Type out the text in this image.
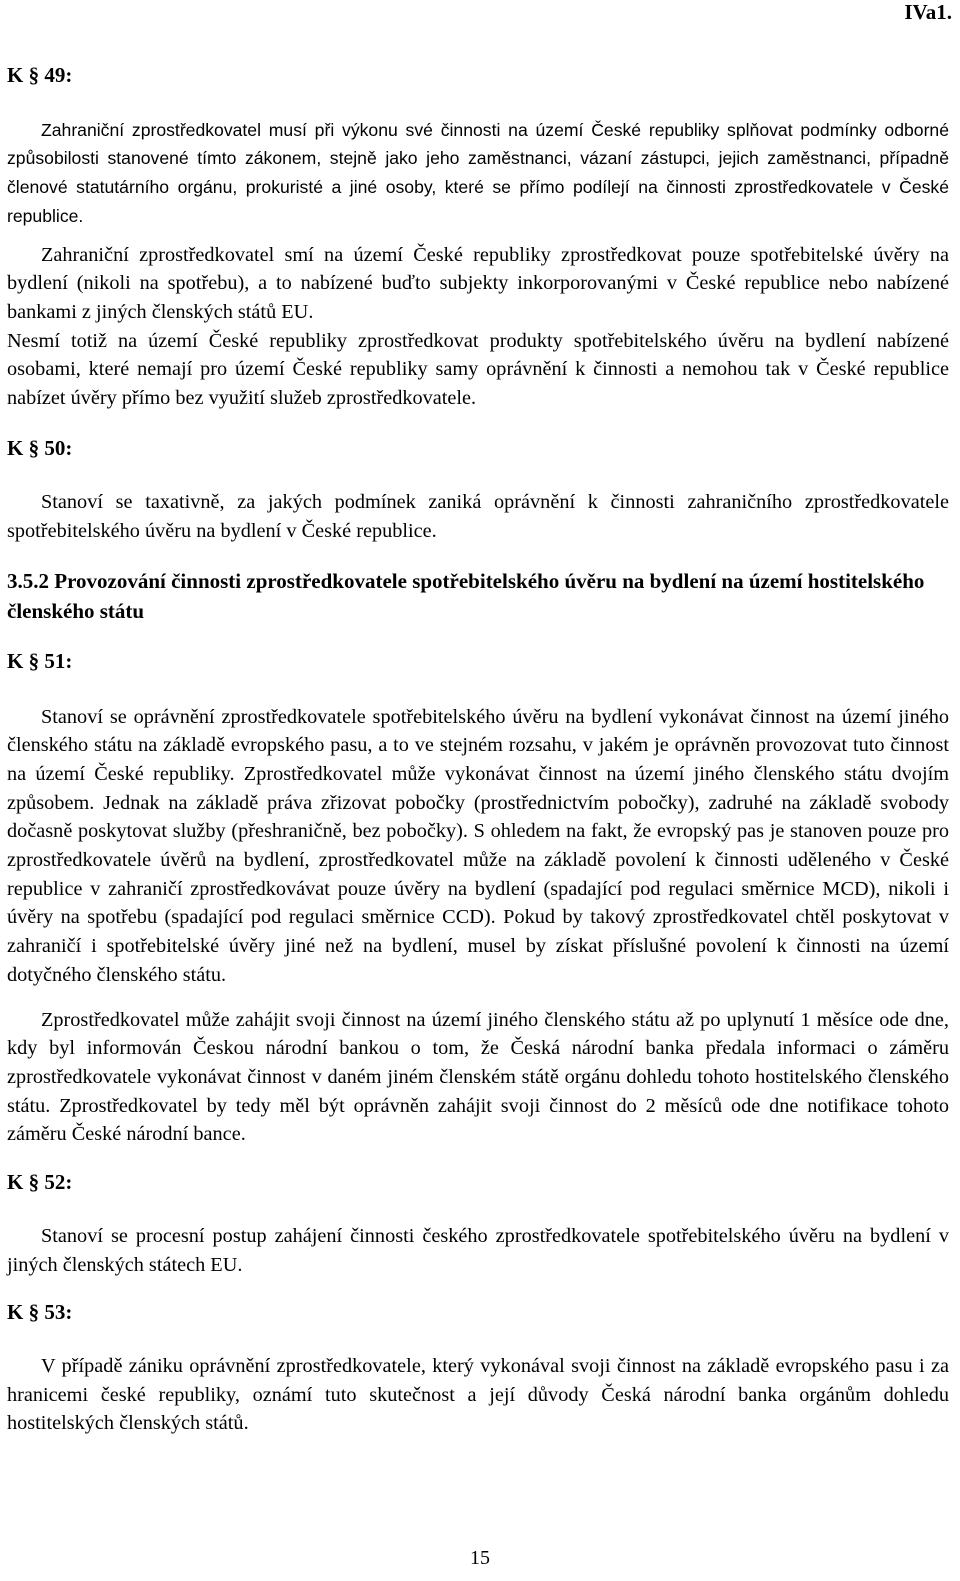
IVa1.
K § 49:

Zahraniční zprostředkovatel musí při výkonu své činnosti na území České republiky splňovat podmínky odborné způsobilosti stanovené tímto zákonem, stejně jako jeho zaměstnanci, vázaní zástupci, jejich zaměstnanci, případně členové statutárního orgánu, prokuristé a jiné osoby, které se přímo podílejí na činnosti zprostředkovatele v České republice.

Zahraniční zprostředkovatel smí na území České republiky zprostředkovat pouze spotřebitelské úvěry na bydlení (nikoli na spotřebu), a to nabízené buďto subjekty inkorporovanými v České republice nebo nabízené bankami z jiných členských států EU.

Nesmí totiž na území České republiky zprostředkovat produkty spotřebitelského úvěru na bydlení nabízené osobami, které nemají pro území České republiky samy oprávnění k činnosti a nemohou tak v České republice nabízet úvěry přímo bez využití služeb zprostředkovatele.

K § 50:

Stanoví se taxativně, za jakých podmínek zaniká oprávnění k činnosti zahraničního zprostředkovatele spotřebitelského úvěru na bydlení v České republice.

3.5.2 Provozování činnosti zprostředkovatele spotřebitelského úvěru na bydlení na území hostitelského členského státu
K § 51:

Stanoví se oprávnění zprostředkovatele spotřebitelského úvěru na bydlení vykonávat činnost na území jiného členského státu na základě evropského pasu, a to ve stejném rozsahu, v jakém je oprávněn provozovat tuto činnost na území České republiky. Zprostředkovatel může vykonávat činnost na území jiného členského státu dvojím způsobem. Jednak na základě práva zřizovat pobočky (prostřednictvím pobočky), zadruhé na základě svobody dočasně poskytovat služby (přeshraničně, bez pobočky). S ohledem na fakt, že evropský pas je stanoven pouze pro zprostředkovatele úvěrů na bydlení, zprostředkovatel může na základě povolení k činnosti uděleného v České republice v zahraničí zprostředkovávat pouze úvěry na bydlení (spadající pod regulaci směrnice MCD), nikoli i úvěry na spotřebu (spadající pod regulaci směrnice CCD). Pokud by takový zprostředkovatel chtěl poskytovat v zahraničí i spotřebitelské úvěry jiné než na bydlení, musel by získat příslušné povolení k činnosti na území dotyčného členského státu.

Zprostředkovatel může zahájit svoji činnost na území jiného členského státu až po uplynutí 1 měsíce ode dne, kdy byl informován Českou národní bankou o tom, že Česká národní banka předala informaci o záměru zprostředkovatele vykonávat činnost v daném jiném členském státě orgánu dohledu tohoto hostitelského členského státu. Zprostředkovatel by tedy měl být oprávněn zahájit svoji činnost do 2 měsíců ode dne notifikace tohoto záměru České národní bance.

K § 52:

Stanoví se procesní postup zahájení činnosti českého zprostředkovatele spotřebitelského úvěru na bydlení v jiných členských státech EU.

K § 53:

V případě zániku oprávnění zprostředkovatele, který vykonával svoji činnost na základě evropského pasu i za hranicemi české republiky, oznámí tuto skutečnost a její důvody Česká národní banka orgánům dohledu hostitelských členských států.

15
